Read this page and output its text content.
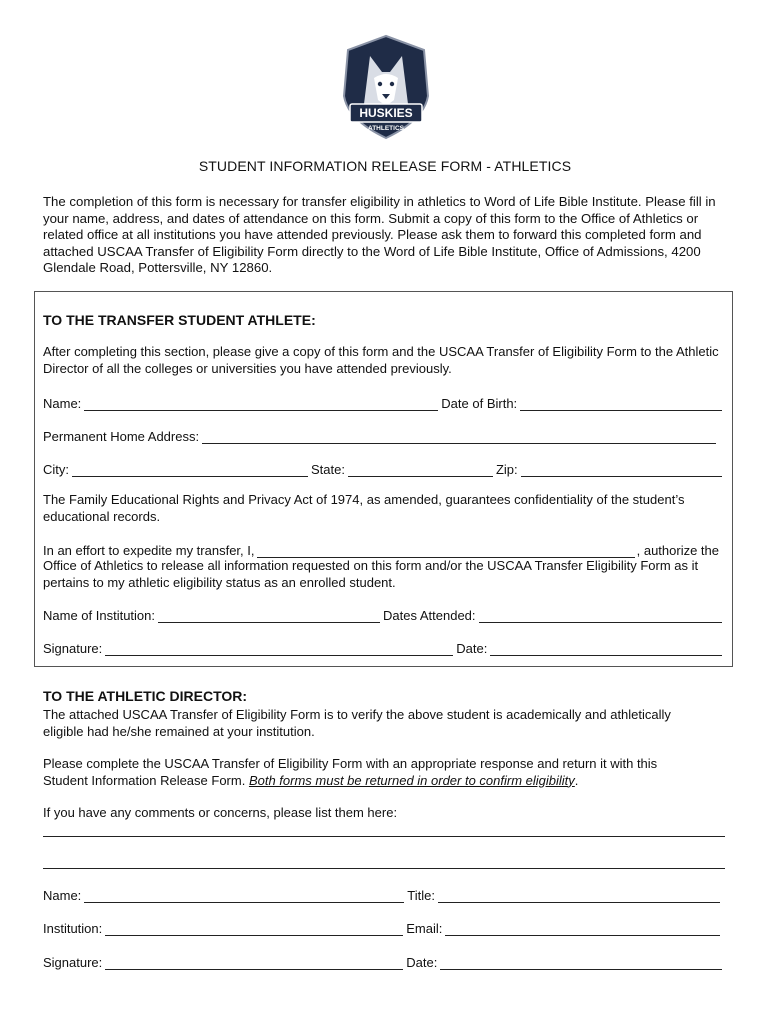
HUSKIES
ATHLETICS
STUDENT INFORMATION RELEASE FORM - ATHLETICS
The completion of this form is necessary for transfer eligibility in athletics to Word of Life Bible Institute. Please fill in your name, address, and dates of attendance on this form. Submit a copy of this form to the Office of Athletics or related office at all institutions you have attended previously. Please ask them to forward this completed form and attached USCAA Transfer of Eligibility Form directly to the Word of Life Bible Institute, Office of Admissions, 4200 Glendale Road, Pottersville, NY 12860.
TO THE TRANSFER STUDENT ATHLETE:
After completing this section, please give a copy of this form and the USCAA Transfer of Eligibility Form to the Athletic Director of all the colleges or universities you have attended previously.
Name:	Date of Birth:
Permanent Home Address:
City:	State:	Zip:
The Family Educational Rights and Privacy Act of 1974, as amended, guarantees confidentiality of the student’s educational records.
In an effort to expedite my transfer, I,	, authorize the
Office of Athletics to release all information requested on this form and/or the USCAA Transfer Eligibility Form as it pertains to my athletic eligibility status as an enrolled student.
Name of Institution:	Dates Attended:
Signature:	Date:
TO THE ATHLETIC DIRECTOR:
The attached USCAA Transfer of Eligibility Form is to verify the above student is academically and athletically eligible had he/she remained at your institution.
Please complete the USCAA Transfer of Eligibility Form with an appropriate response and return it with this Student Information Release Form. Both forms must be returned in order to confirm eligibility.
If you have any comments or concerns, please list them here:
Name:	Title:
Institution:	Email:
Signature:	Date:
